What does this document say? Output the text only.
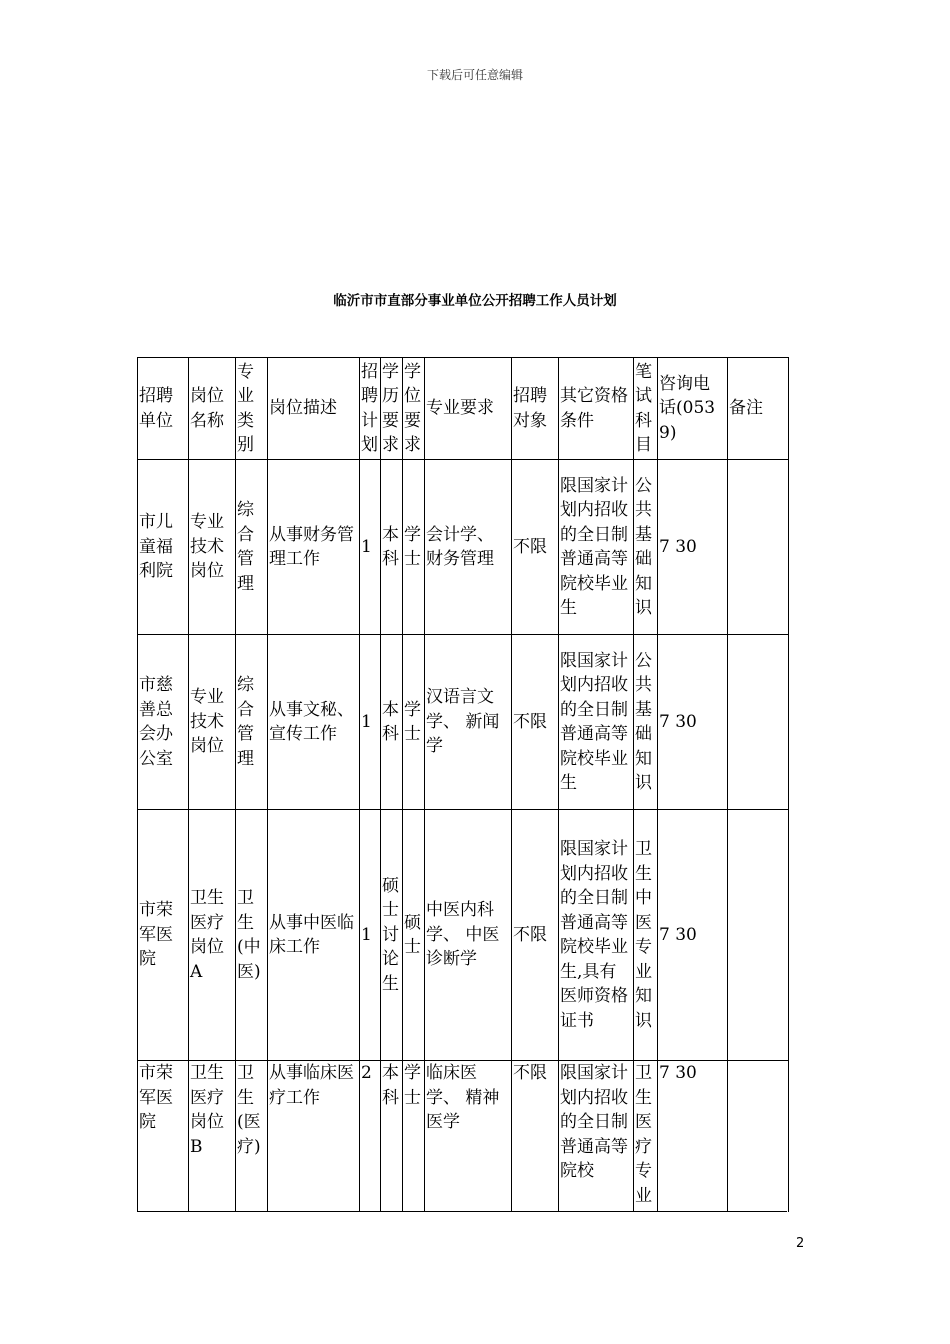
下载后可任意编辑
临沂市市直部分事业单位公开招聘工作人员计划
招聘单位	岗位名称	专业类别	岗位描述	招聘计划	学历要求	学位要求	专业要求	招聘对象	其它资格条件	笔试科目	咨询电话(0539)	备注
市儿童福利院	专业技术岗位	综合管理	从事财务管理工作	1	本科	学士	会计学、财务管理	不限	限国家计划内招收的全日制普通高等院校毕业生	公共基础知识	7 30	
市慈善总会办公室	专业技术岗位	综合管理	从事文秘、 宣传工作	1	本科	学士	汉语言文学、 新闻学	不限	限国家计划内招收的全日制普通高等院校毕业生	公共基础知识	7 30	
市荣军医院	卫生医疗岗位A	卫生(中医)	从事中医临床工作	1	硕士讨论生	硕士	中医内科学、 中医诊断学	不限	限国家计划内招收的全日制普通高等院校毕业生,具有医师资格证书	卫生中医专业知识	7 30	
市荣军医院	卫生医疗岗位B	卫生(医疗)	从事临床医疗工作	2	本科	学士	临床医学、 精神医学	不限	限国家计划内招收的全日制普通高等院校	卫生医疗专业	7 30	
2
